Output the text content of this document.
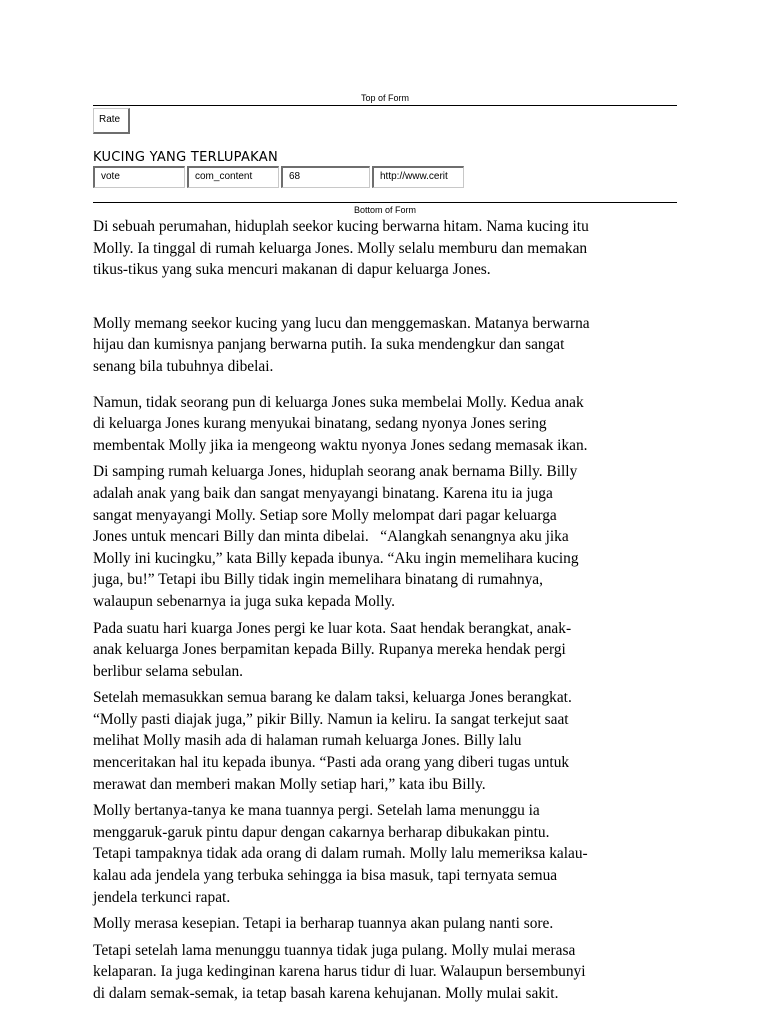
Top of Form
Rate
KUCING YANG TERLUPAKAN
vote	com_content	68	http://www.cerit
Bottom of Form

Di sebuah perumahan, hiduplah seekor kucing berwarna hitam. Nama kucing itu
Molly. Ia tinggal di rumah keluarga Jones. Molly selalu memburu dan memakan
tikus-tikus yang suka mencuri makanan di dapur keluarga Jones.

Molly memang seekor kucing yang lucu dan menggemaskan. Matanya berwarna
hijau dan kumisnya panjang berwarna putih. Ia suka mendengkur dan sangat
senang bila tubuhnya dibelai.

Namun, tidak seorang pun di keluarga Jones suka membelai Molly. Kedua anak
di keluarga Jones kurang menyukai binatang, sedang nyonya Jones sering
membentak Molly jika ia mengeong waktu nyonya Jones sedang memasak ikan.

Di samping rumah keluarga Jones, hiduplah seorang anak bernama Billy. Billy
adalah anak yang baik dan sangat menyayangi binatang. Karena itu ia juga
sangat menyayangi Molly. Setiap sore Molly melompat dari pagar keluarga
Jones untuk mencari Billy dan minta dibelai.   “Alangkah senangnya aku jika
Molly ini kucingku,” kata Billy kepada ibunya. “Aku ingin memelihara kucing
juga, bu!” Tetapi ibu Billy tidak ingin memelihara binatang di rumahnya,
walaupun sebenarnya ia juga suka kepada Molly.

Pada suatu hari kuarga Jones pergi ke luar kota. Saat hendak berangkat, anak-
anak keluarga Jones berpamitan kepada Billy. Rupanya mereka hendak pergi
berlibur selama sebulan.

Setelah memasukkan semua barang ke dalam taksi, keluarga Jones berangkat.
“Molly pasti diajak juga,” pikir Billy. Namun ia keliru. Ia sangat terkejut saat
melihat Molly masih ada di halaman rumah keluarga Jones. Billy lalu
menceritakan hal itu kepada ibunya. “Pasti ada orang yang diberi tugas untuk
merawat dan memberi makan Molly setiap hari,” kata ibu Billy.

Molly bertanya-tanya ke mana tuannya pergi. Setelah lama menunggu ia
menggaruk-garuk pintu dapur dengan cakarnya berharap dibukakan pintu.
Tetapi tampaknya tidak ada orang di dalam rumah. Molly lalu memeriksa kalau-
kalau ada jendela yang terbuka sehingga ia bisa masuk, tapi ternyata semua
jendela terkunci rapat.

Molly merasa kesepian. Tetapi ia berharap tuannya akan pulang nanti sore.

Tetapi setelah lama menunggu tuannya tidak juga pulang. Molly mulai merasa
kelaparan. Ia juga kedinginan karena harus tidur di luar. Walaupun bersembunyi
di dalam semak-semak, ia tetap basah karena kehujanan. Molly mulai sakit.
